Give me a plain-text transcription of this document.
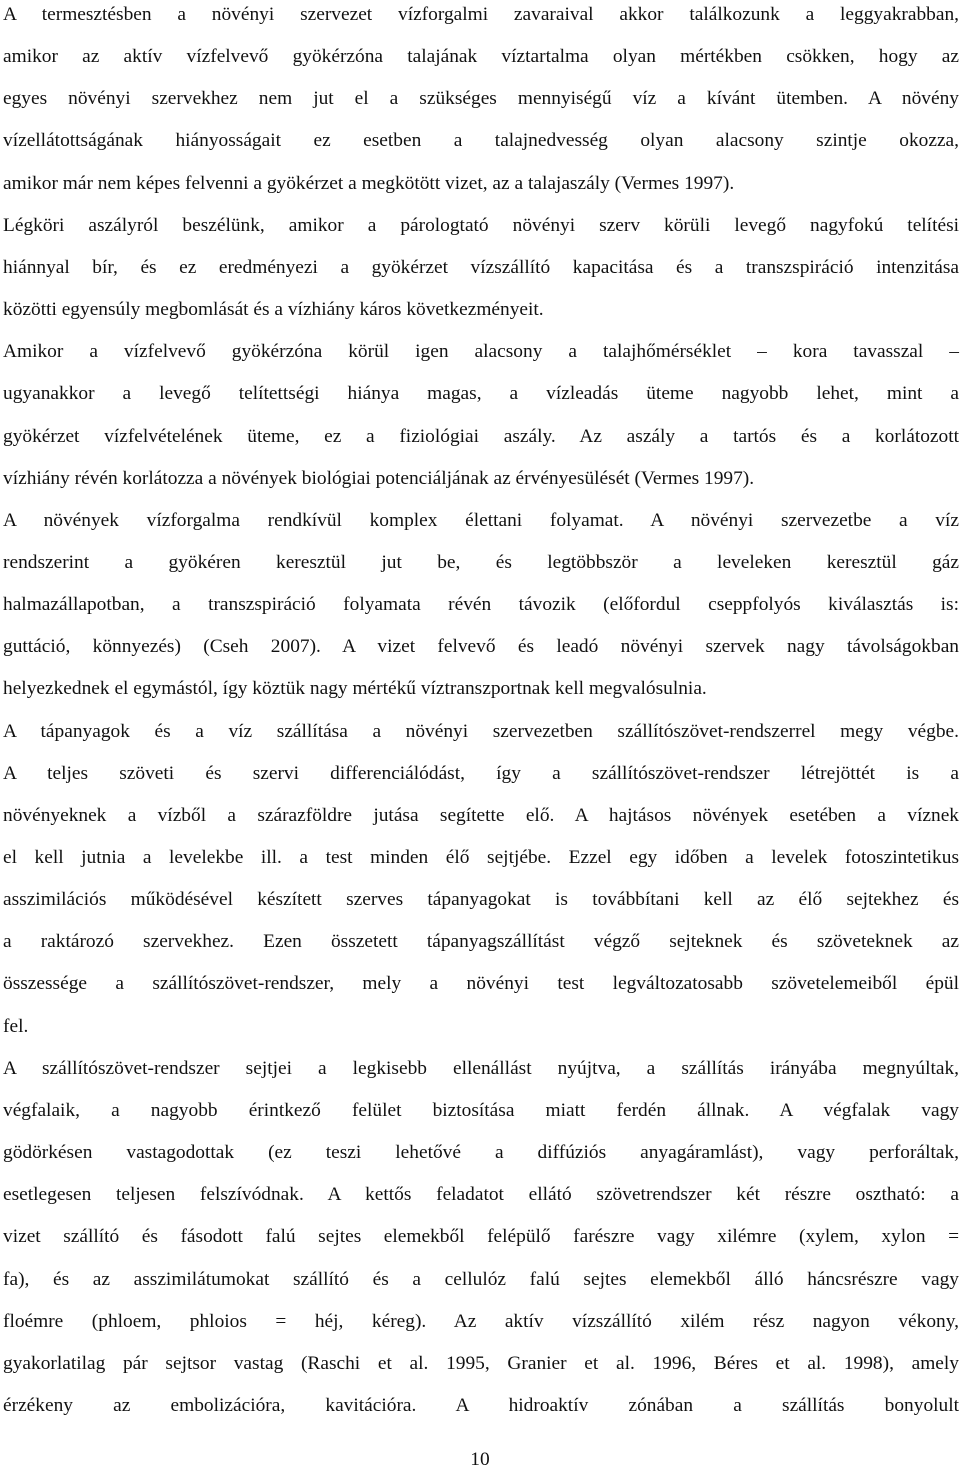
A termesztésben a növényi szervezet vízforgalmi zavaraival akkor találkozunk a leggyakrabban,
amikor az aktív vízfelvevő gyökérzóna talajának víztartalma olyan mértékben csökken, hogy az
egyes növényi szervekhez nem jut el a szükséges mennyiségű víz a kívánt ütemben. A növény
vízellátottságának hiányosságait ez esetben a talajnedvesség olyan alacsony szintje okozza,
amikor már nem képes felvenni a gyökérzet a megkötött vizet, az a talajaszály (Vermes 1997).
Légköri aszályról beszélünk, amikor a párologtató növényi szerv körüli levegő nagyfokú telítési
hiánnyal bír, és ez eredményezi a gyökérzet vízszállító kapacitása és a transzspiráció intenzitása
közötti egyensúly megbomlását és a vízhiány káros következményeit.
Amikor a vízfelvevő gyökérzóna körül igen alacsony a talajhőmérséklet – kora tavasszal –
ugyanakkor a levegő telítettségi hiánya magas, a vízleadás üteme nagyobb lehet, mint a
gyökérzet vízfelvételének üteme, ez a fiziológiai aszály. Az aszály a tartós és a korlátozott
vízhiány révén korlátozza a növények biológiai potenciáljának az érvényesülését (Vermes 1997).
A növények vízforgalma rendkívül komplex élettani folyamat. A növényi szervezetbe a víz
rendszerint a gyökéren keresztül jut be, és legtöbbször a leveleken keresztül gáz
halmazállapotban, a transzspiráció folyamata révén távozik (előfordul cseppfolyós kiválasztás is:
guttáció, könnyezés) (Cseh 2007). A vizet felvevő és leadó növényi szervek nagy távolságokban
helyezkednek el egymástól, így köztük nagy mértékű víztranszportnak kell megvalósulnia.
A tápanyagok és a víz szállítása a növényi szervezetben szállítószövet-rendszerrel megy végbe.
A teljes szöveti és szervi differenciálódást, így a szállítószövet-rendszer létrejöttét is a
növényeknek a vízből a szárazföldre jutása segítette elő. A hajtásos növények esetében a víznek
el kell jutnia a levelekbe ill. a test minden élő sejtjébe. Ezzel egy időben a levelek fotoszintetikus
asszimilációs működésével készített szerves tápanyagokat is továbbítani kell az élő sejtekhez és
a raktározó szervekhez. Ezen összetett tápanyagszállítást végző sejteknek és szöveteknek az
összessége a szállítószövet-rendszer, mely a növényi test legváltozatosabb szövetelemeiből épül
fel.
A szállítószövet-rendszer sejtjei a legkisebb ellenállást nyújtva, a szállítás irányába megnyúltak,
végfalaik, a nagyobb érintkező felület biztosítása miatt ferdén állnak. A végfalak vagy
gödörkésen vastagodottak (ez teszi lehetővé a diffúziós anyagáramlást), vagy perforáltak,
esetlegesen teljesen felszívódnak. A kettős feladatot ellátó szövetrendszer két részre osztható: a
vizet szállító és fásodott falú sejtes elemekből felépülő farészre vagy xilémre (xylem, xylon =
fa), és az asszimilátumokat szállító és a cellulóz falú sejtes elemekből álló háncsrészre vagy
floémre (phloem, phloios = héj, kéreg). Az aktív vízszállító xilém rész nagyon vékony,
gyakorlatilag pár sejtsor vastag (Raschi et al. 1995, Granier et al. 1996, Béres et al. 1998), amely
érzékeny az embolizációra, kavitációra. A hidroaktív zónában a szállítás bonyolult
10
